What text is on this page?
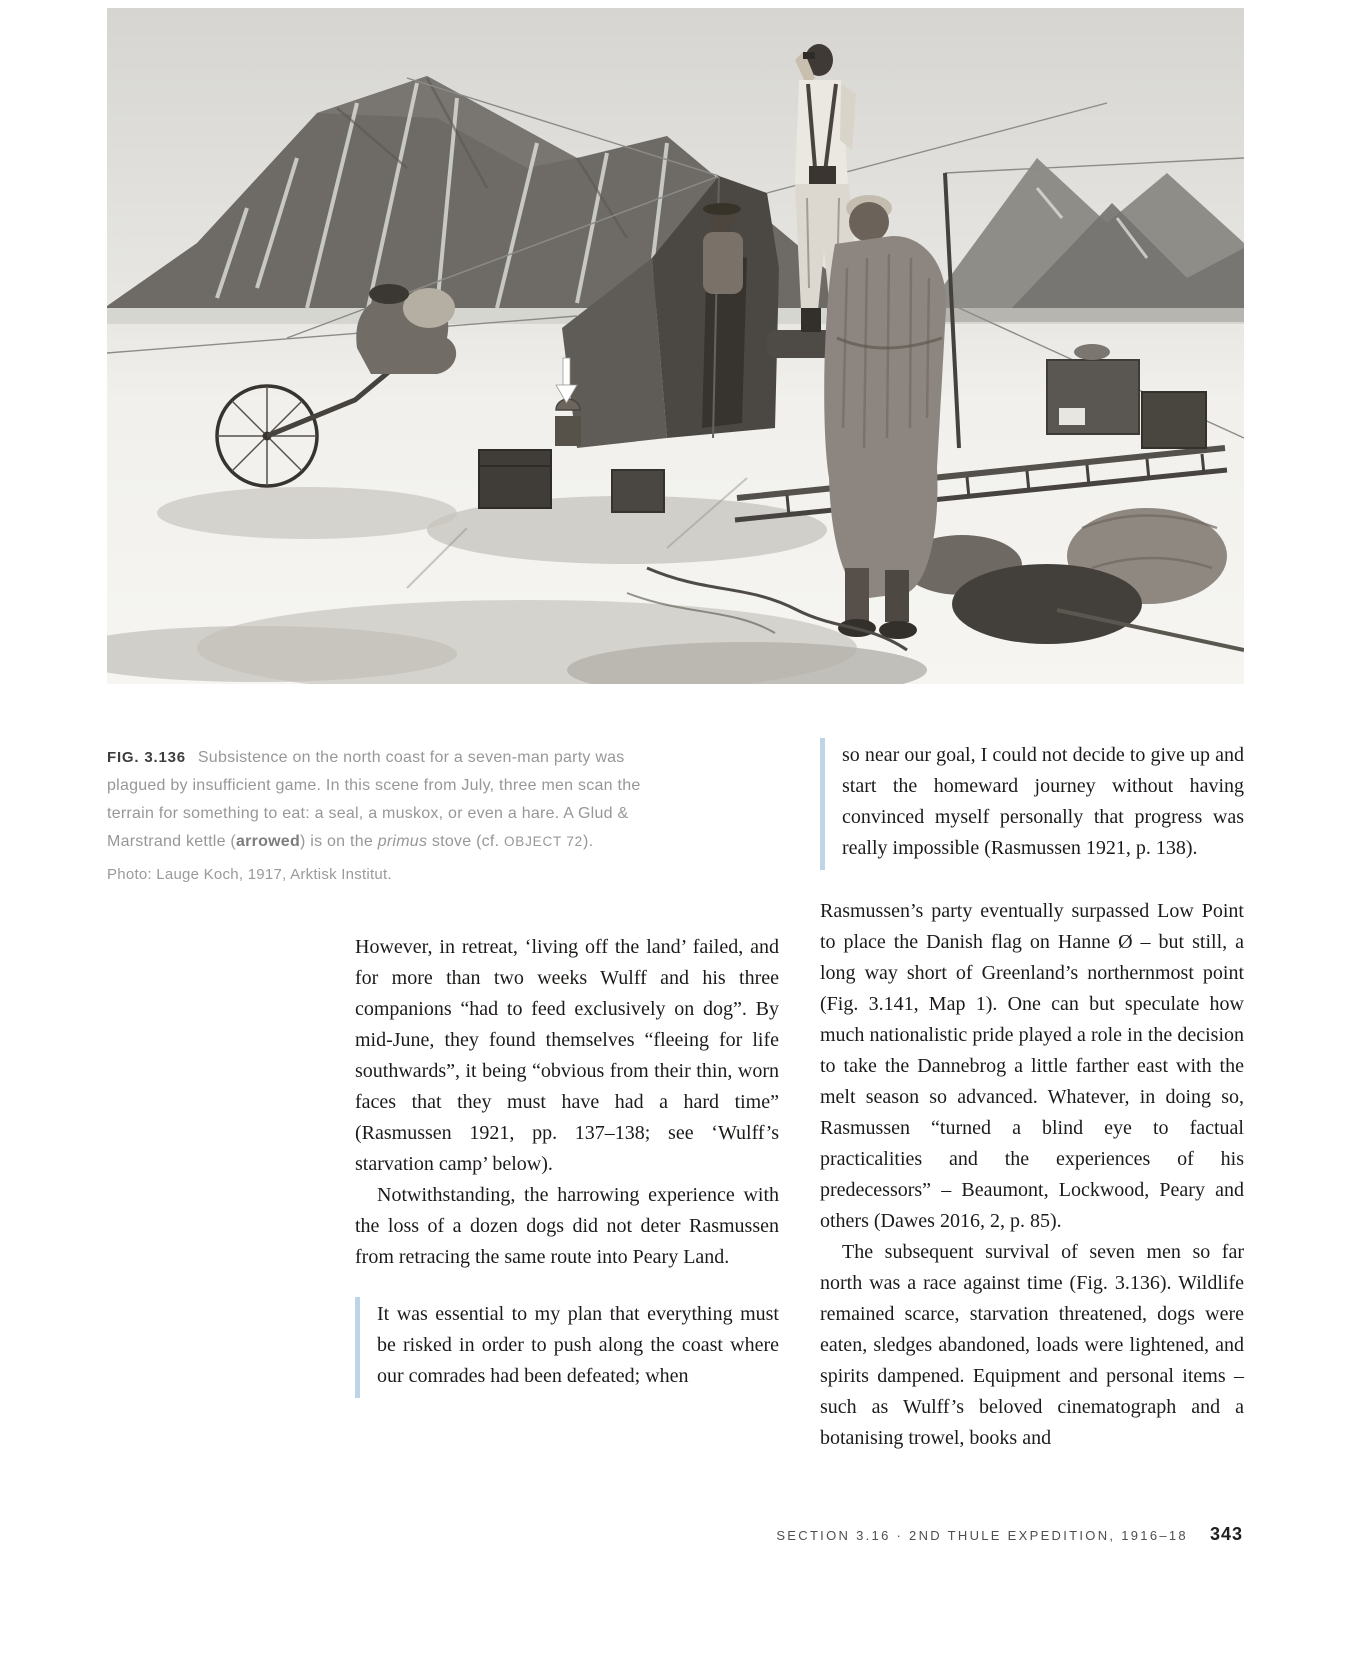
FIG. 3.136 Subsistence on the north coast for a seven-man party was plagued by insufficient game. In this scene from July, three men scan the terrain for something to eat: a seal, a muskox, or even a hare. A Glud & Marstrand kettle (arrowed) is on the primus stove (cf. OBJECT 72).
Photo: Lauge Koch, 1917, Arktisk Institut.

However, in retreat, ‘living off the land’ failed, and for more than two weeks Wulff and his three companions “had to feed exclusively on dog”. By mid-June, they found themselves “fleeing for life southwards”, it being “obvious from their thin, worn faces that they must have had a hard time” (Rasmussen 1921, pp. 137–138; see ‘Wulff’s starvation camp’ below).

Notwithstanding, the harrowing experience with the loss of a dozen dogs did not deter Rasmussen from retracing the same route into Peary Land.

It was essential to my plan that everything must be risked in order to push along the coast where our comrades had been defeated; when
so near our goal, I could not decide to give up and start the homeward journey without having convinced myself personally that progress was really impossible (Rasmussen 1921, p. 138).

Rasmussen’s party eventually surpassed Low Point to place the Danish flag on Hanne Ø – but still, a long way short of Greenland’s northernmost point (Fig. 3.141, Map 1). One can but speculate how much nationalistic pride played a role in the decision to take the Dannebrog a little farther east with the melt season so advanced. Whatever, in doing so, Rasmussen “turned a blind eye to factual practicalities and the experiences of his predecessors” – Beaumont, Lockwood, Peary and others (Dawes 2016, 2, p. 85).

The subsequent survival of seven men so far north was a race against time (Fig. 3.136). Wildlife remained scarce, starvation threatened, dogs were eaten, sledges abandoned, loads were lightened, and spirits dampened. Equipment and personal items – such as Wulff’s beloved cinematograph and a botanising trowel, books and

SECTION 3.16 · 2ND THULE EXPEDITION, 1916–18 343
